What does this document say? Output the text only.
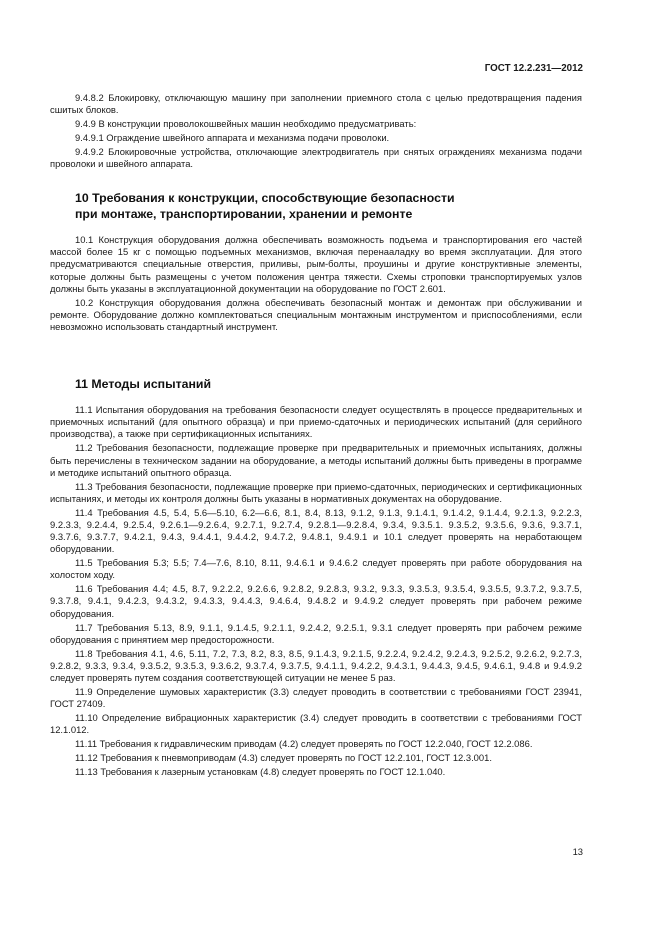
ГОСТ 12.2.231—2012

9.4.8.2 Блокировку, отключающую машину при заполнении приемного стола с целью предотвращения падения сшитых блоков.

9.4.9 В конструкции проволокошвейных машин необходимо предусматривать:

9.4.9.1 Ограждение швейного аппарата и механизма подачи проволоки.

9.4.9.2 Блокировочные устройства, отключающие электродвигатель при снятых ограждениях механизма подачи проволоки и швейного аппарата.

10 Требования к конструкции, способствующие безопасности
при монтаже, транспортировании, хранении и ремонте

10.1 Конструкция оборудования должна обеспечивать возможность подъема и транспортирования его частей массой более 15 кг с помощью подъемных механизмов, включая перенааладку во время эксплуатации. Для этого предусматриваются специальные отверстия, приливы, рым-болты, проушины и другие конструктивные элементы, которые должны быть размещены с учетом положения центра тяжести. Схемы строповки транспортируемых узлов должны быть указаны в эксплуатационной документации на оборудование по ГОСТ 2.601.

10.2 Конструкция оборудования должна обеспечивать безопасный монтаж и демонтаж при обслуживании и ремонте. Оборудование должно комплектоваться специальным монтажным инструментом и приспособлениями, если невозможно использовать стандартный инструмент.

11 Методы испытаний

11.1 Испытания оборудования на требования безопасности следует осуществлять в процессе предварительных и приемочных испытаний (для опытного образца) и при приемо-сдаточных и периодических испытаний (для серийного производства), а также при сертификационных испытаниях.

11.2 Требования безопасности, подлежащие проверке при предварительных и приемочных испытаниях, должны быть перечислены в техническом задании на оборудование, а методы испытаний должны быть приведены в программе и методике испытаний опытного образца.

11.3 Требования безопасности, подлежащие проверке при приемо-сдаточных, периодических и сертификационных испытаниях, и методы их контроля должны быть указаны в нормативных документах на оборудование.

11.4 Требования 4.5, 5.4, 5.6—5.10, 6.2—6.6, 8.1, 8.4, 8.13, 9.1.2, 9.1.3, 9.1.4.1, 9.1.4.2, 9.1.4.4, 9.2.1.3, 9.2.2.3, 9.2.3.3, 9.2.4.4, 9.2.5.4, 9.2.6.1—9.2.6.4, 9.2.7.1, 9.2.7.4, 9.2.8.1—9.2.8.4, 9.3.4, 9.3.5.1. 9.3.5.2, 9.3.5.6, 9.3.6, 9.3.7.1, 9.3.7.6, 9.3.7.7, 9.4.2.1, 9.4.3, 9.4.4.1, 9.4.4.2, 9.4.7.2, 9.4.8.1, 9.4.9.1 и 10.1 следует проверять на неработающем оборудовании.

11.5 Требования 5.3; 5.5; 7.4—7.6, 8.10, 8.11, 9.4.6.1 и 9.4.6.2 следует проверять при работе оборудования на холостом ходу.

11.6 Требования 4.4; 4.5, 8.7, 9.2.2.2, 9.2.6.6, 9.2.8.2, 9.2.8.3, 9.3.2, 9.3.3, 9.3.5.3, 9.3.5.4, 9.3.5.5, 9.3.7.2, 9.3.7.5, 9.3.7.8, 9.4.1, 9.4.2.3, 9.4.3.2, 9.4.3.3, 9.4.4.3, 9.4.6.4, 9.4.8.2 и 9.4.9.2 следует проверять при рабочем режиме оборудования.

11.7 Требования 5.13, 8.9, 9.1.1, 9.1.4.5, 9.2.1.1, 9.2.4.2, 9.2.5.1, 9.3.1 следует проверять при рабочем режиме оборудования с принятием мер предосторожности.

11.8 Требования 4.1, 4.6, 5.11, 7.2, 7.3, 8.2, 8.3, 8.5, 9.1.4.3, 9.2.1.5, 9.2.2.4, 9.2.4.2, 9.2.4.3, 9.2.5.2, 9.2.6.2, 9.2.7.3, 9.2.8.2, 9.3.3, 9.3.4, 9.3.5.2, 9.3.5.3, 9.3.6.2, 9.3.7.4, 9.3.7.5, 9.4.1.1, 9.4.2.2, 9.4.3.1, 9.4.4.3, 9.4.5, 9.4.6.1, 9.4.8 и 9.4.9.2 следует проверять путем создания соответствующей ситуации не менее 5 раз.

11.9 Определение шумовых характеристик (3.3) следует проводить в соответствии с требованиями ГОСТ 23941, ГОСТ 27409.

11.10 Определение вибрационных характеристик (3.4) следует проводить в соответствии с требованиями ГОСТ 12.1.012.

11.11 Требования к гидравлическим приводам (4.2) следует проверять по ГОСТ 12.2.040, ГОСТ 12.2.086.

11.12 Требования к пневмоприводам (4.3) следует проверять по ГОСТ 12.2.101, ГОСТ 12.3.001.

11.13 Требования к лазерным установкам (4.8) следует проверять по ГОСТ 12.1.040.

13
